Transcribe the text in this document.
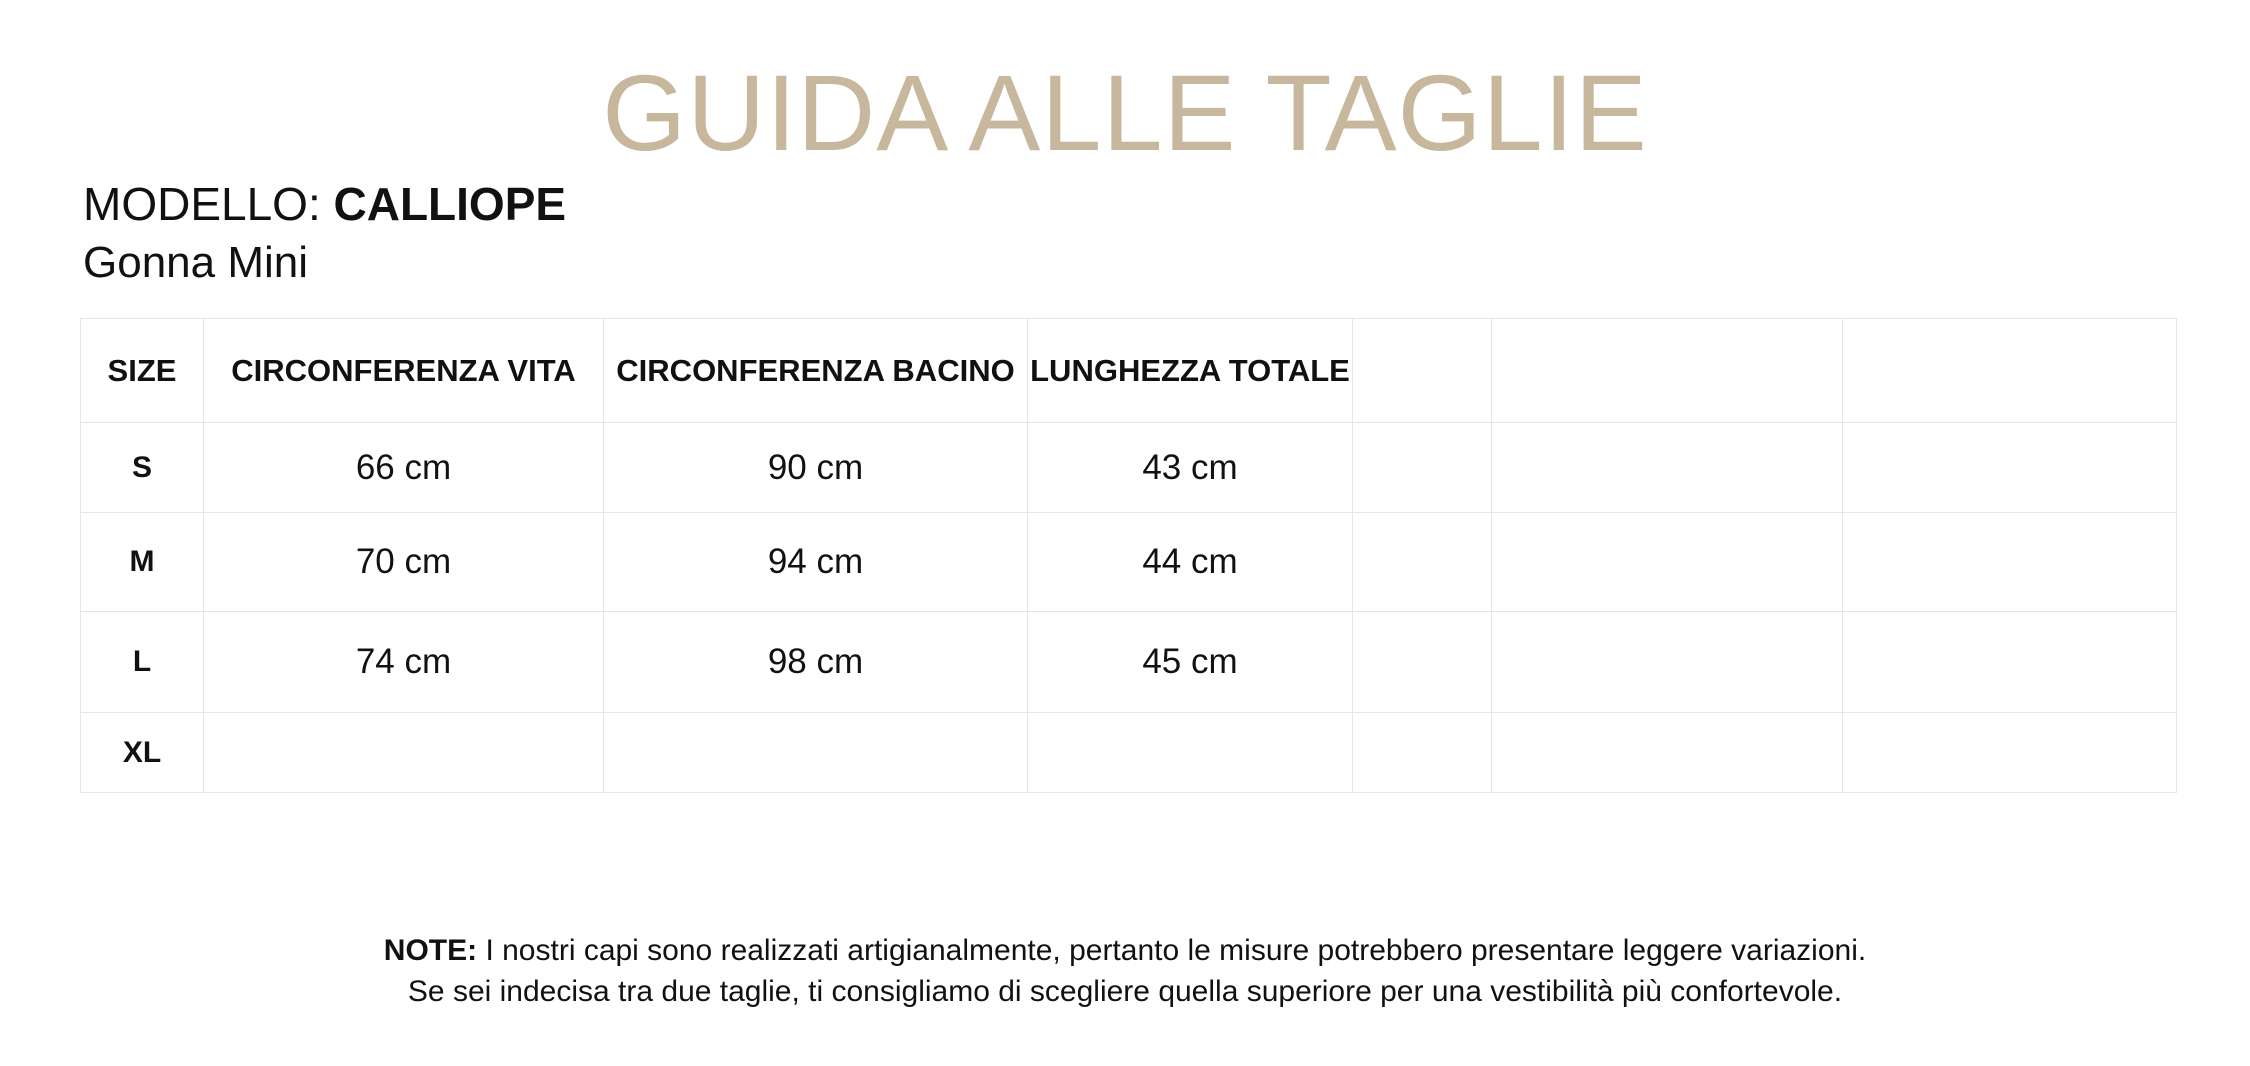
GUIDA ALLE TAGLIE
MODELLO: CALLIOPE
Gonna Mini
SIZE	CIRCONFERENZA VITA	CIRCONFERENZA BACINO	LUNGHEZZA TOTALE			
S	66 cm	90 cm	43 cm			
M	70 cm	94 cm	44 cm			
L	74 cm	98 cm	45 cm			
XL						
NOTE: I nostri capi sono realizzati artigianalmente, pertanto le misure potrebbero presentare leggere variazioni.
Se sei indecisa tra due taglie, ti consigliamo di scegliere quella superiore per una vestibilità più confortevole.
